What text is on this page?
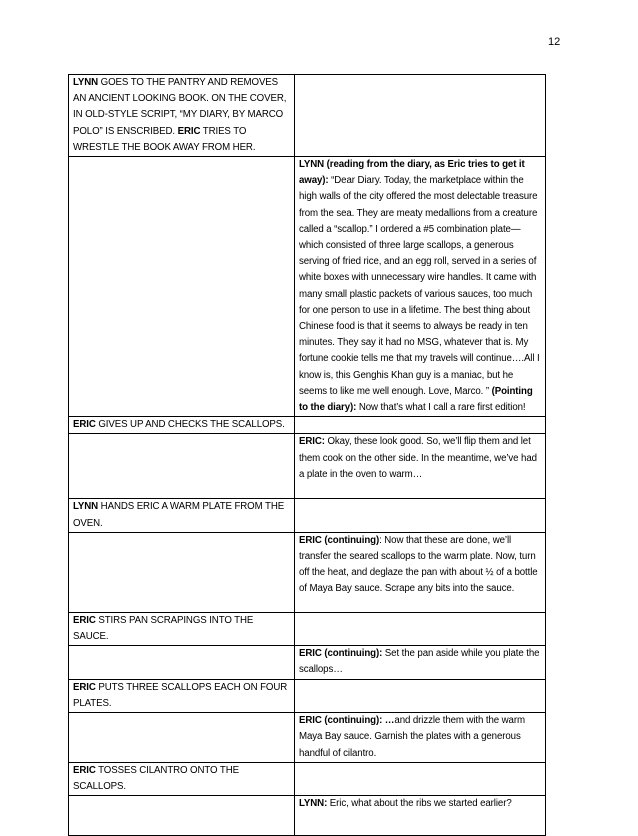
12
LYNN GOES TO THE PANTRY AND REMOVES AN ANCIENT LOOKING BOOK. ON THE COVER, IN OLD-STYLE SCRIPT, “MY DIARY, BY MARCO POLO” IS ENSCRIBED. ERIC TRIES TO WRESTLE THE BOOK AWAY FROM HER.	
	LYNN (reading from the diary, as Eric tries to get it away): “Dear Diary. Today, the marketplace within the high walls of the city offered the most delectable treasure from the sea. They are meaty medallions from a creature called a “scallop.” I ordered a #5 combination plate—which consisted of three large scallops, a generous serving of fried rice, and an egg roll, served in a series of white boxes with unnecessary wire handles. It came with many small plastic packets of various sauces, too much for one person to use in a lifetime. The best thing about Chinese food is that it seems to always be ready in ten minutes. They say it had no MSG, whatever that is. My fortune cookie tells me that my travels will continue….All I know is, this Genghis Khan guy is a maniac, but he seems to like me well enough. Love, Marco. ” (Pointing to the diary): Now that’s what I call a rare first edition!
ERIC GIVES UP AND CHECKS THE SCALLOPS.	
	ERIC: Okay, these look good. So, we’ll flip them and let them cook on the other side. In the meantime, we’ve had a plate in the oven to warm…
LYNN HANDS ERIC A WARM PLATE FROM THE OVEN.	
	ERIC (continuing): Now that these are done, we’ll transfer the seared scallops to the warm plate. Now, turn off the heat, and deglaze the pan with about ½ of a bottle of Maya Bay sauce. Scrape any bits into the sauce.
ERIC STIRS PAN SCRAPINGS INTO THE SAUCE.	
	ERIC (continuing): Set the pan aside while you plate the scallops…
ERIC PUTS THREE SCALLOPS EACH ON FOUR PLATES.	
	ERIC (continuing): …and drizzle them with the warm Maya Bay sauce. Garnish the plates with a generous handful of cilantro.
ERIC TOSSES CILANTRO ONTO THE SCALLOPS.	
	LYNN: Eric, what about the ribs we started earlier?
